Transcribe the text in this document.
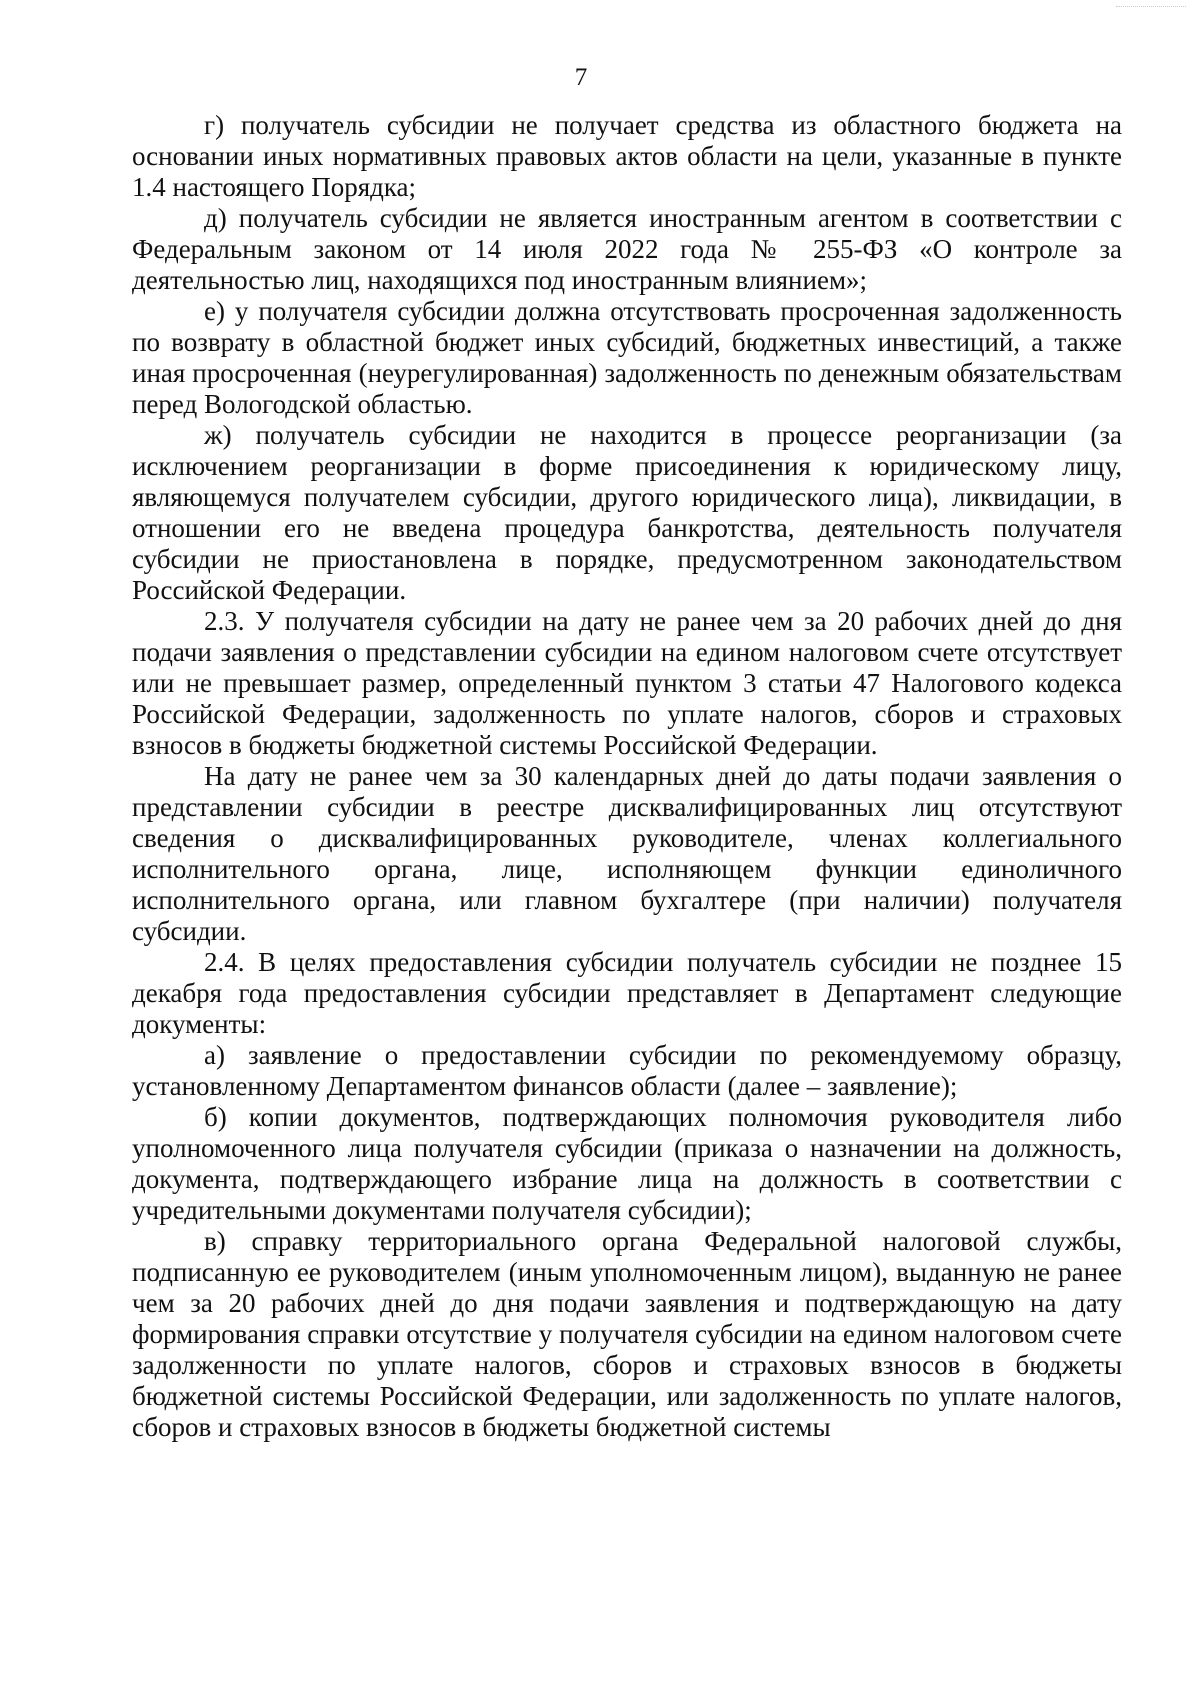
7

г) получатель субсидии не получает средства из областного бюджета на основании иных нормативных правовых актов области на цели, указанные в пункте 1.4 настоящего Порядка;

д) получатель субсидии не является иностранным агентом в соответствии с Федеральным законом от 14 июля 2022 года № 255-ФЗ «О контроле за деятельностью лиц, находящихся под иностранным влиянием»;

е) у получателя субсидии должна отсутствовать просроченная задолженность по возврату в областной бюджет иных субсидий, бюджетных инвестиций, а также иная просроченная (неурегулированная) задолженность по денежным обязательствам перед Вологодской областью.

ж) получатель субсидии не находится в процессе реорганизации (за исключением реорганизации в форме присоединения к юридическому лицу, являющемуся получателем субсидии, другого юридического лица), ликвидации, в отношении его не введена процедура банкротства, деятельность получателя субсидии не приостановлена в порядке, предусмотренном законодательством Российской Федерации.

2.3. У получателя субсидии на дату не ранее чем за 20 рабочих дней до дня подачи заявления о представлении субсидии на едином налоговом счете отсутствует или не превышает размер, определенный пунктом 3 статьи 47 Налогового кодекса Российской Федерации, задолженность по уплате налогов, сборов и страховых взносов в бюджеты бюджетной системы Российской Федерации.

На дату не ранее чем за 30 календарных дней до даты подачи заявления о представлении субсидии в реестре дисквалифицированных лиц отсутствуют сведения о дисквалифицированных руководителе, членах коллегиального исполнительного органа, лице, исполняющем функции единоличного исполнительного органа, или главном бухгалтере (при наличии) получателя субсидии.

2.4. В целях предоставления субсидии получатель субсидии не позднее 15 декабря года предоставления субсидии представляет в Департамент следующие документы:

а) заявление о предоставлении субсидии по рекомендуемому образцу, установленному Департаментом финансов области (далее – заявление);

б) копии документов, подтверждающих полномочия руководителя либо уполномоченного лица получателя субсидии (приказа о назначении на должность, документа, подтверждающего избрание лица на должность в соответствии с учредительными документами получателя субсидии);

в) справку территориального органа Федеральной налоговой службы, подписанную ее руководителем (иным уполномоченным лицом), выданную не ранее чем за 20 рабочих дней до дня подачи заявления и подтверждающую на дату формирования справки отсутствие у получателя субсидии на едином налоговом счете задолженности по уплате налогов, сборов и страховых взносов в бюджеты бюджетной системы Российской Федерации, или задолженность по уплате налогов, сборов и страховых взносов в бюджеты бюджетной системы
